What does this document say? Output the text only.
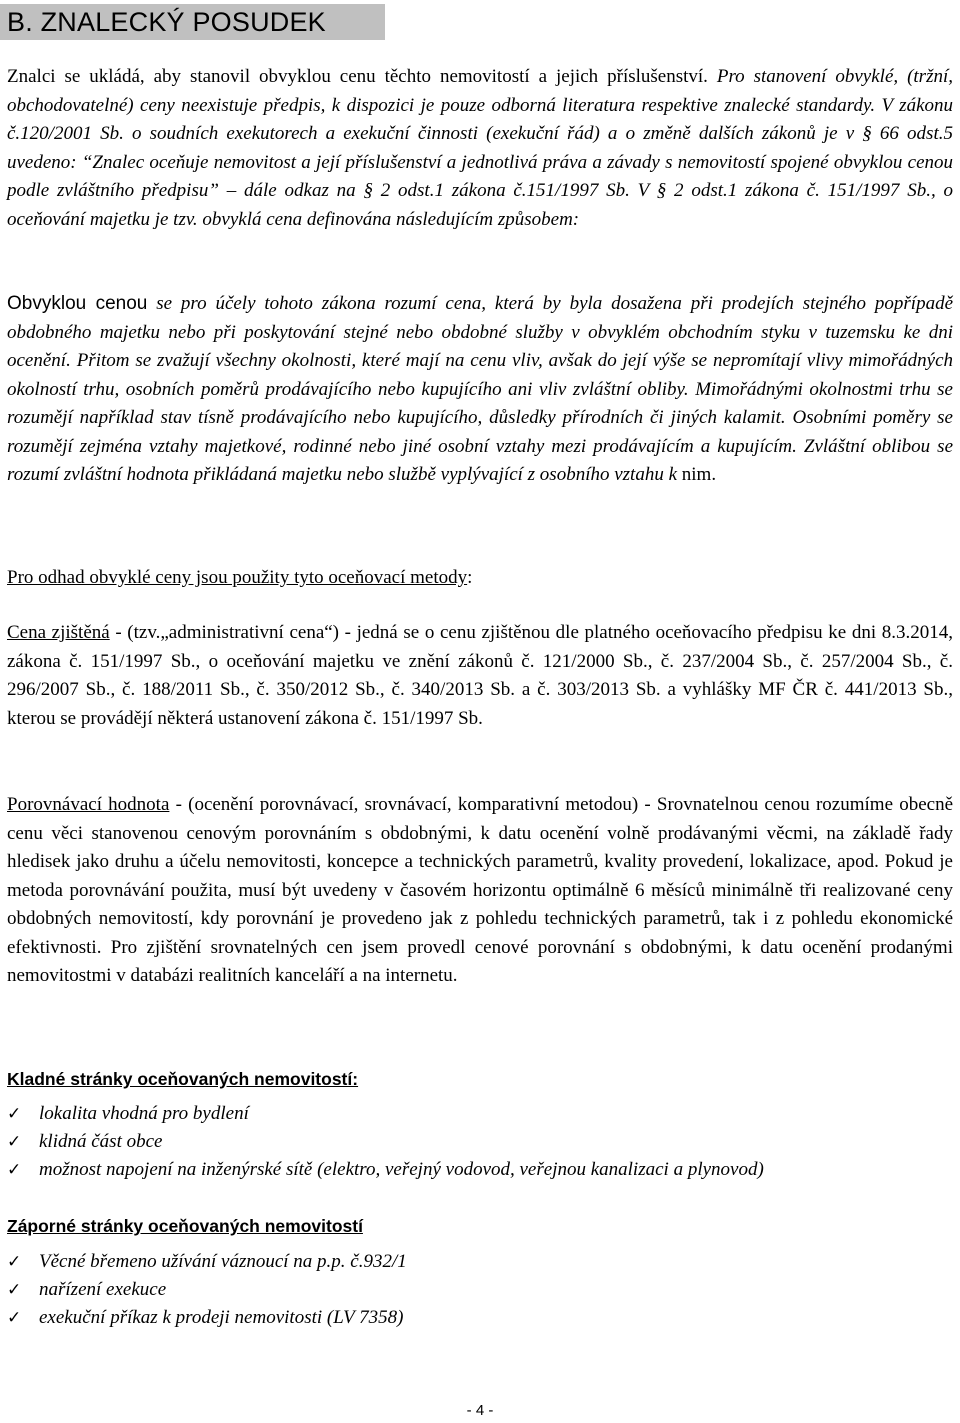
B. ZNALECKÝ POSUDEK

Znalci se ukládá, aby stanovil obvyklou cenu těchto nemovitostí a jejich příslušenství. Pro stanovení obvyklé, (tržní, obchodovatelné) ceny neexistuje předpis, k dispozici je pouze odborná literatura respektive znalecké standardy. V zákonu č.120/2001 Sb. o soudních exekutorech a exekuční činnosti (exekuční řád) a o změně dalších zákonů je v § 66 odst.5 uvedeno: “Znalec oceňuje nemovitost a její příslušenství a jednotlivá práva a závady s nemovitostí spojené obvyklou cenou podle zvláštního předpisu” – dále odkaz na § 2 odst.1 zákona č.151/1997 Sb. V § 2 odst.1 zákona č. 151/1997 Sb., o oceňování majetku je tzv. obvyklá cena definována následujícím způsobem:

Obvyklou cenou se pro účely tohoto zákona rozumí cena, která by byla dosažena při prodejích stejného popřípadě obdobného majetku nebo při poskytování stejné nebo obdobné služby v obvyklém obchodním styku v tuzemsku ke dni ocenění. Přitom se zvažují všechny okolnosti, které mají na cenu vliv, avšak do její výše se nepromítají vlivy mimořádných okolností trhu, osobních poměrů prodávajícího nebo kupujícího ani vliv zvláštní obliby. Mimořádnými okolnostmi trhu se rozumějí například stav tísně prodávajícího nebo kupujícího, důsledky přírodních či jiných kalamit. Osobními poměry se rozumějí zejména vztahy majetkové, rodinné nebo jiné osobní vztahy mezi prodávajícím a kupujícím. Zvláštní oblibou se rozumí zvláštní hodnota přikládaná majetku nebo službě vyplývající z osobního vztahu k nim.

Pro odhad obvyklé ceny jsou použity tyto oceňovací metody:

Cena zjištěná - (tzv.„administrativní cena“) - jedná se o cenu zjištěnou dle platného oceňovacího předpisu ke dni 8.3.2014, zákona č. 151/1997 Sb., o oceňování majetku ve znění zákonů č. 121/2000 Sb., č. 237/2004 Sb., č. 257/2004 Sb., č. 296/2007 Sb., č. 188/2011 Sb., č. 350/2012 Sb., č. 340/2013 Sb. a č. 303/2013 Sb. a vyhlášky MF ČR č. 441/2013 Sb., kterou se provádějí některá ustanovení zákona č. 151/1997 Sb.

Porovnávací hodnota - (ocenění porovnávací, srovnávací, komparativní metodou) - Srovnatelnou cenou rozumíme obecně cenu věci stanovenou cenovým porovnáním s obdobnými, k datu ocenění volně prodávanými věcmi, na základě řady hledisek jako druhu a účelu nemovitosti, koncepce a technických parametrů, kvality provedení, lokalizace, apod. Pokud je metoda porovnávání použita, musí být uvedeny v časovém horizontu optimálně 6 měsíců minimálně tři realizované ceny obdobných nemovitostí, kdy porovnání je provedeno jak z pohledu technických parametrů, tak i z pohledu ekonomické efektivnosti. Pro zjištění srovnatelných cen jsem provedl cenové porovnání s obdobnými, k datu ocenění prodanými nemovitostmi v databázi realitních kanceláří a na internetu.

Kladné stránky oceňovaných nemovitostí:
✓ lokalita vhodná pro bydlení
✓ klidná část obce
✓ možnost napojení na inženýrské sítě (elektro, veřejný vodovod, veřejnou kanalizaci a plynovod)
Záporné stránky oceňovaných nemovitostí
✓ Věcné břemeno užívání váznoucí na p.p. č.932/1
✓ nařízení exekuce
✓ exekuční příkaz k prodeji nemovitosti (LV 7358)
- 4 -
